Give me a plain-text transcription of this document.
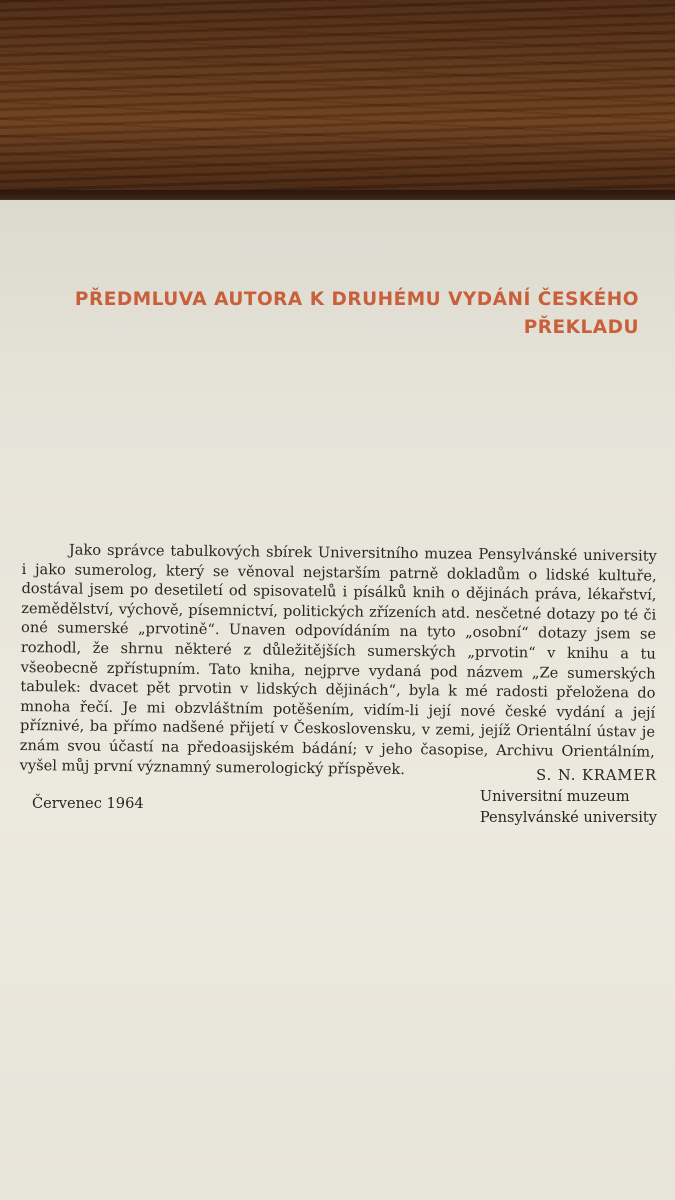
PŘEDMLUVA AUTORA K DRUHÉMU VYDÁNÍ ČESKÉHO
PŘEKLADU

Jako správce tabulkových sbírek Universitního muzea Pensylvánské university i jako sumerolog, který se věnoval nejstarším patrně dokladům o lidské kultuře, dostával jsem po desetiletí od spisovatelů i písálků knih o dějinách práva, lékařství, zemědělství, výchově, písemnictví, politických zřízeních atd. nesčetné dotazy po té či oné sumerské „prvotině“. Unaven odpovídáním na tyto „osobní“ dotazy jsem se rozhodl, že shrnu některé z důležitějších sumerských „prvotin“ v knihu a tu všeobecně zpřístupním. Tato kniha, nejprve vydaná pod názvem „Ze sumerských tabulek: dvacet pět prvotin v lidských dějinách“, byla k mé radosti přeložena do mnoha řečí. Je mi obzvláštním potěšením, vidím-li její nové české vydání a její příznivé, ba přímo nadšené přijetí v Československu, v zemi, jejíž Orientální ústav je znám svou účastí na předoasijském bádání; v jeho časopise, Archivu Orientálním, vyšel můj první významný sumerologický příspěvek.	S. N. KRAMER
Universitní muzeum
Pensylvánské university
Červenec 1964
